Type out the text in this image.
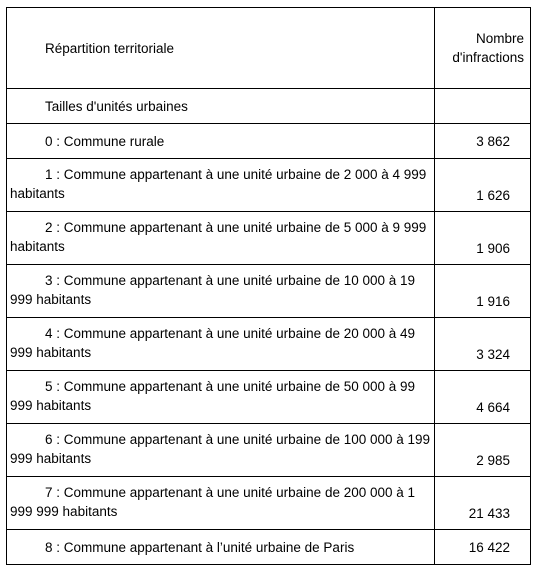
Répartition territoriale	Nombre
d'infractions

Tailles d'unités urbaines	
0 : Commune rurale	3 862
1 : Commune appartenant à une unité urbaine de 2 000 à 4 999 habitants	1 626
2 : Commune appartenant à une unité urbaine de 5 000 à 9 999 habitants	1 906
3 : Commune appartenant à une unité urbaine de 10 000 à 19 999 habitants	1 916
4 : Commune appartenant à une unité urbaine de 20 000 à 49 999 habitants	3 324
5 : Commune appartenant à une unité urbaine de 50 000 à 99 999 habitants	4 664
6 : Commune appartenant à une unité urbaine de 100 000 à 199 999 habitants	2 985
7 : Commune appartenant à une unité urbaine de 200 000 à 1 999 999 habitants	21 433
8 : Commune appartenant à l’unité urbaine de Paris	16 422
